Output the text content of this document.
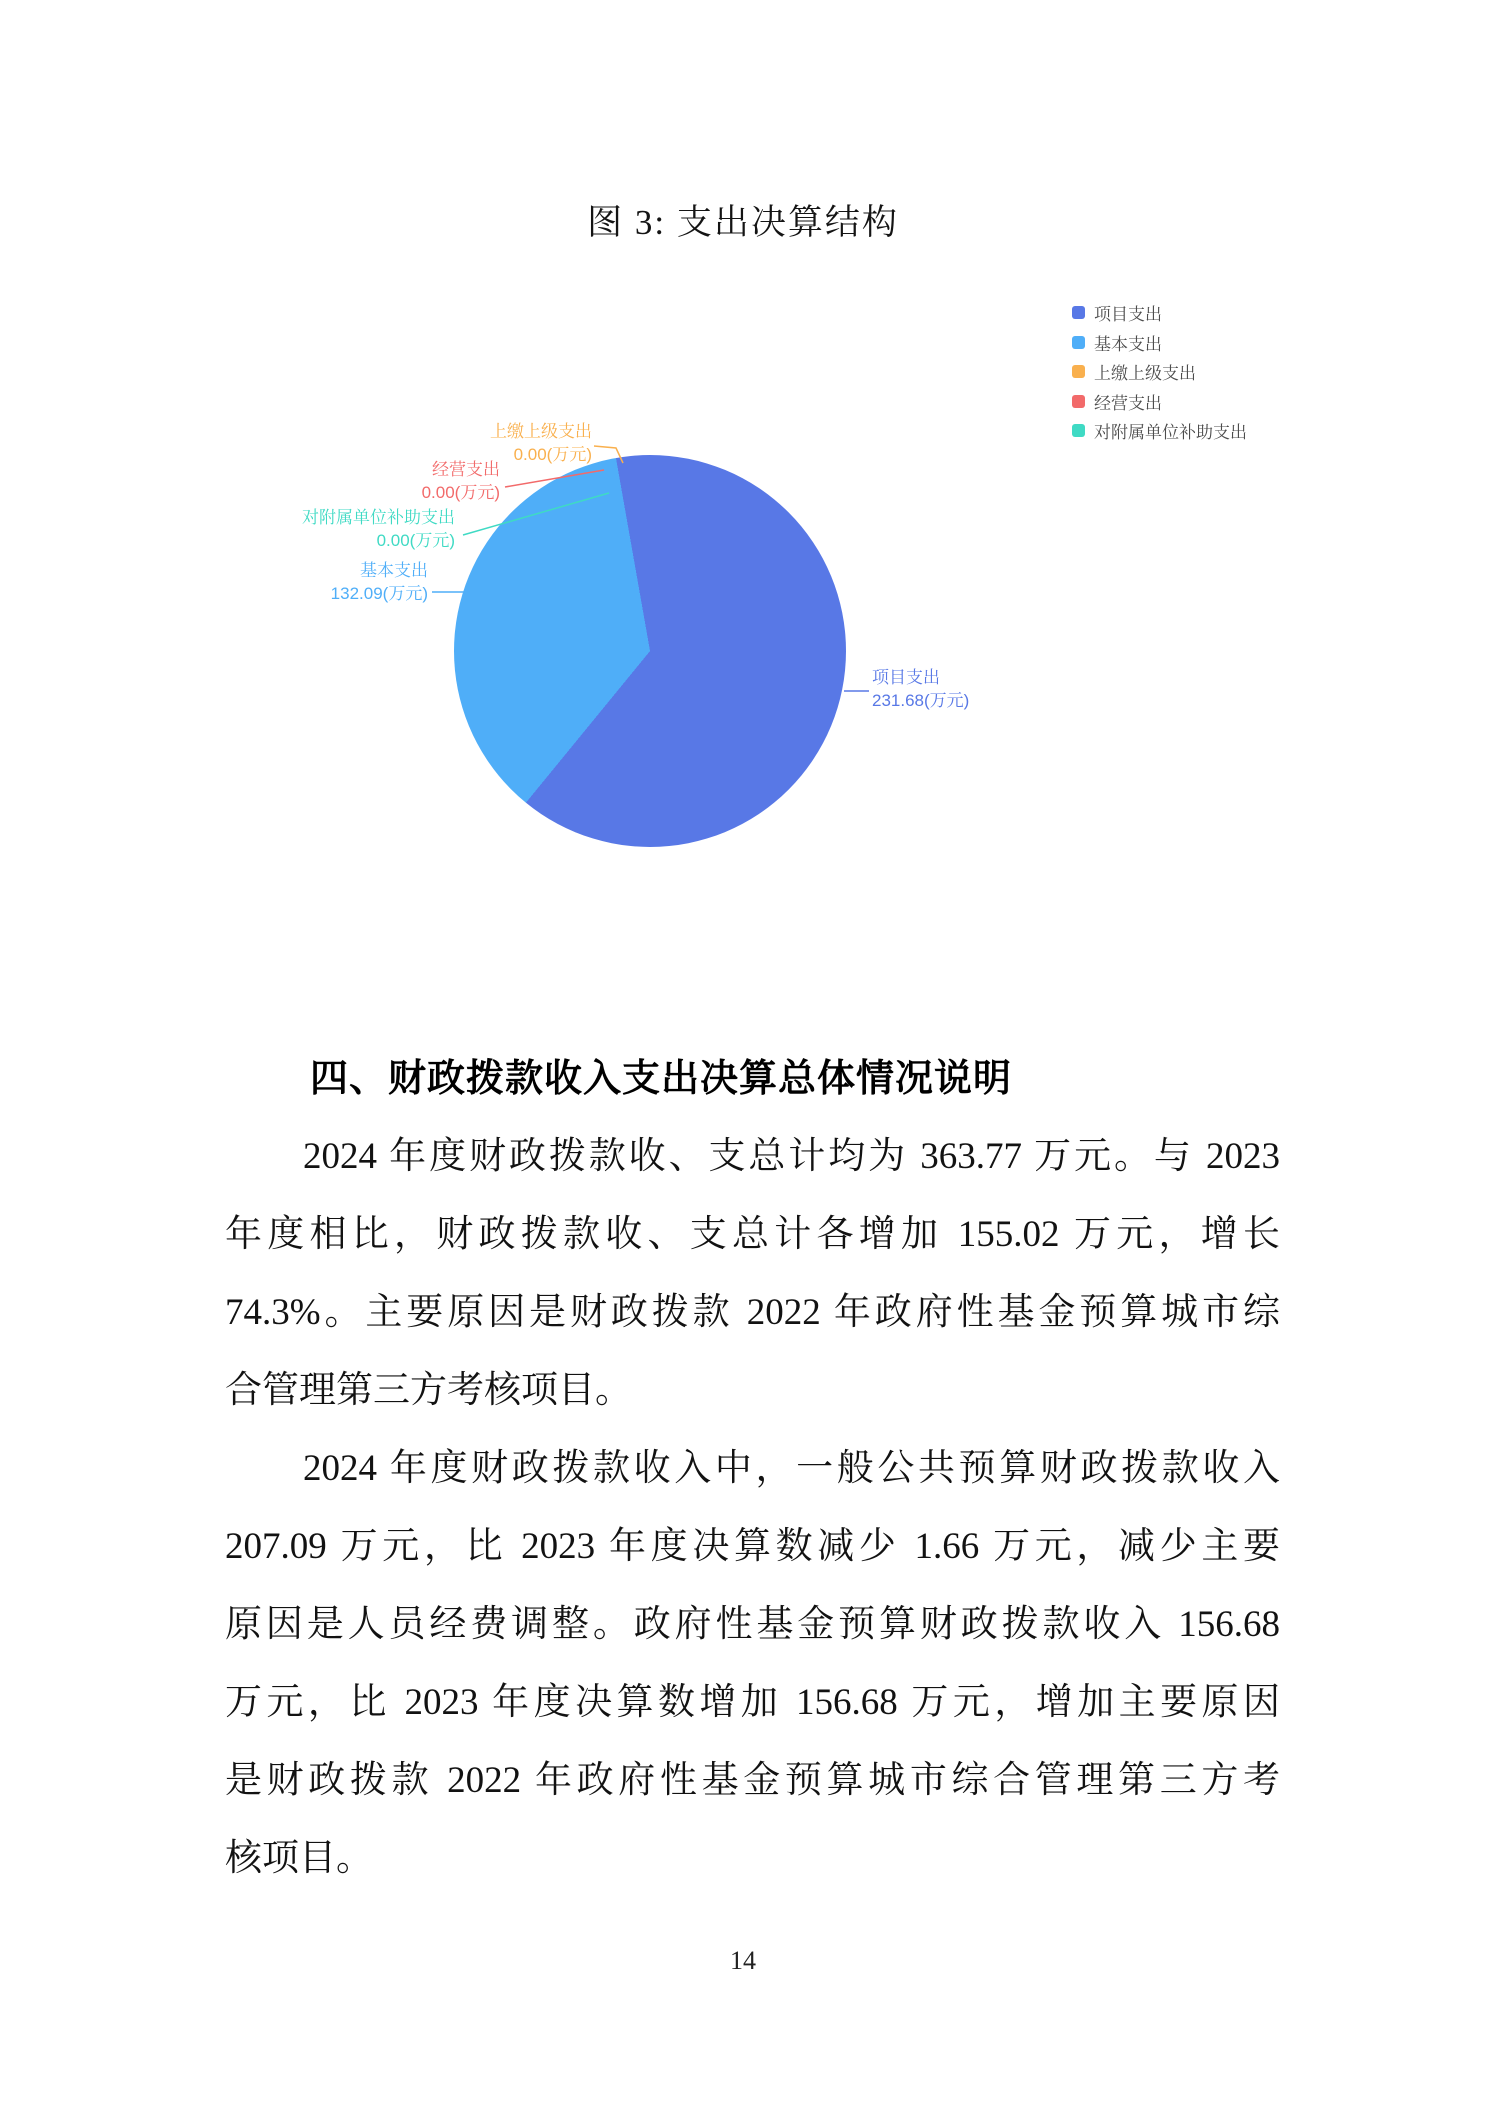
图 3: 支出决算结构
上缴上级支出
0.00(万元)
经营支出
0.00(万元)
对附属单位补助支出
0.00(万元)
基本支出
132.09(万元)
项目支出
231.68(万元)
项目支出
基本支出
上缴上级支出
经营支出
对附属单位补助支出
四、财政拨款收入支出决算总体情况说明
2024 年度财政拨款收、支总计均为 363.77 万元。与 2023
年度相比，财政拨款收、支总计各增加 155.02 万元，增长
74.3%。主要原因是财政拨款 2022 年政府性基金预算城市综
合管理第三方考核项目。
2024 年度财政拨款收入中，一般公共预算财政拨款收入
207.09 万元，比 2023 年度决算数减少 1.66 万元，减少主要
原因是人员经费调整。政府性基金预算财政拨款收入 156.68
万元，比 2023 年度决算数增加 156.68 万元，增加主要原因
是财政拨款 2022 年政府性基金预算城市综合管理第三方考
核项目。
14
